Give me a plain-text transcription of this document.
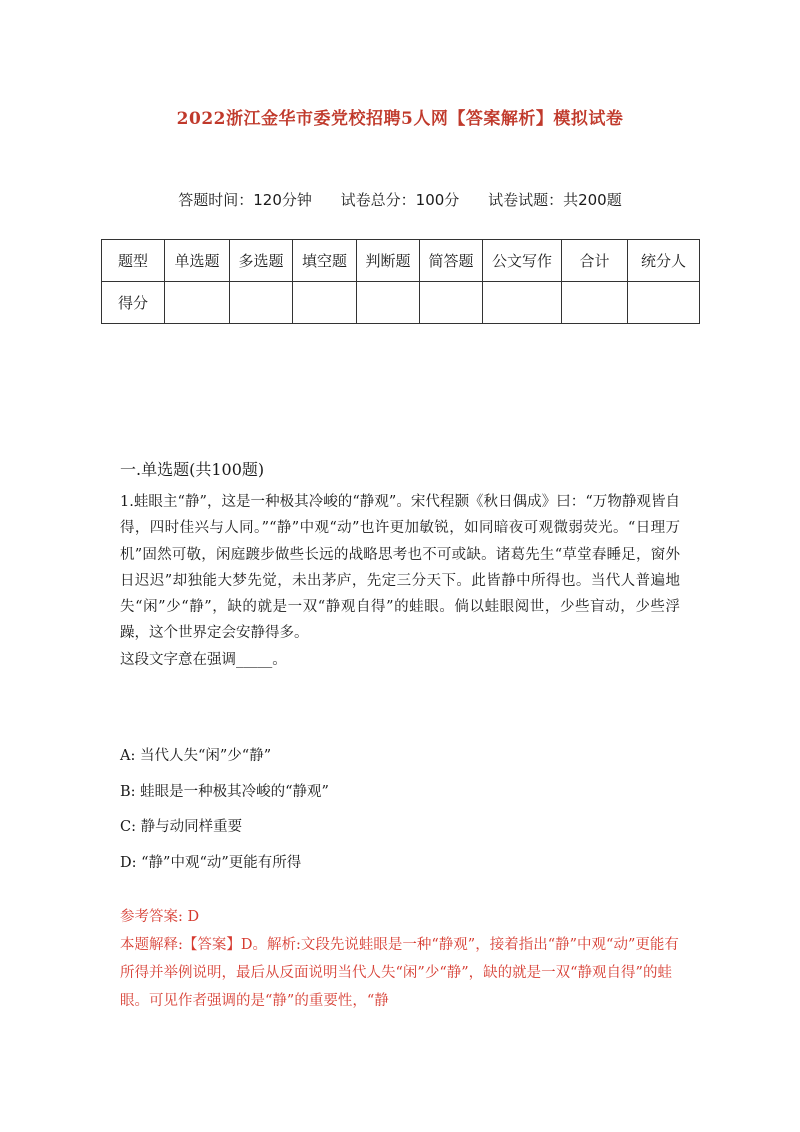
2022浙江金华市委党校招聘5人网【答案解析】模拟试卷
答题时间：120分钟 试卷总分：100分 试卷试题：共200题
题型	单选题	多选题	填空题	判断题	简答题	公文写作	合计	统分人
得分								
一.单选题(共100题)

1.蛙眼主“静”，这是一种极其冷峻的“静观”。宋代程颢《秋日偶成》曰：“万物静观皆自得，四时佳兴与人同。”“静”中观“动”也许更加敏锐，如同暗夜可观微弱荧光。“日理万机”固然可敬，闲庭踱步做些长远的战略思考也不可或缺。诸葛先生“草堂春睡足，窗外日迟迟”却独能大梦先觉，未出茅庐，先定三分天下。此皆静中所得也。当代人普遍地失“闲”少“静”，缺的就是一双“静观自得”的蛙眼。倘以蛙眼阅世，少些盲动，少些浮躁，这个世界定会安静得多。

这段文字意在强调_____。

A: 当代人失“闲”少“静”
B: 蛙眼是一种极其冷峻的“静观”
C: 静与动同样重要
D: “静”中观“动”更能有所得

参考答案: D

本题解释:【答案】D。解析:文段先说蛙眼是一种“静观”，接着指出“静”中观“动”更能有所得并举例说明，最后从反面说明当代人失“闲”少“静”，缺的就是一双“静观自得”的蛙眼。可见作者强调的是“静”的重要性，“静
